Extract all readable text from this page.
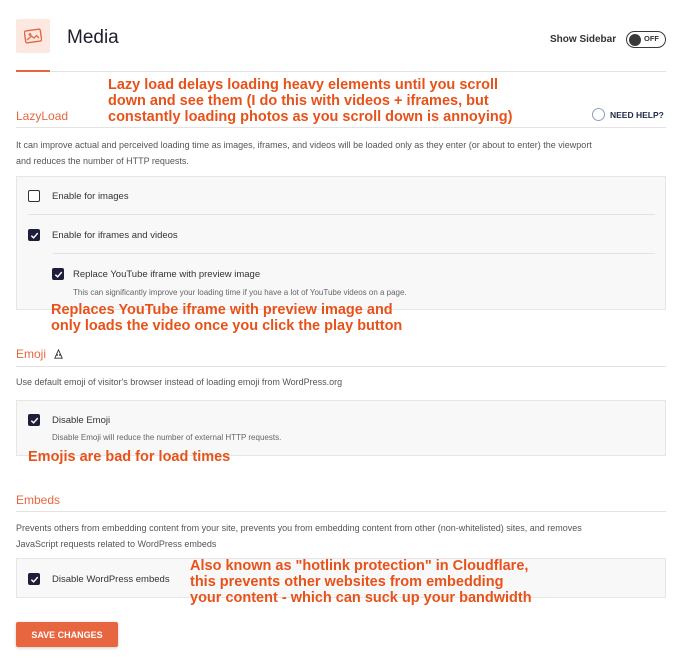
Media	Show Sidebar	OFF
Lazy load delays loading heavy elements until you scroll
down and see them (I do this with videos + iframes, but
constantly loading photos as you scroll down is annoying)
LazyLoad	NEED HELP?
It can improve actual and perceived loading time as images, iframes, and videos will be loaded only as they enter (or about to enter) the viewport
and reduces the number of HTTP requests.
Enable for images
Enable for iframes and videos
Replace YouTube iframe with preview image
This can significantly improve your loading time if you have a lot of YouTube videos on a page.
Replaces YouTube iframe with preview image and
only loads the video once you click the play button
Emoji
Use default emoji of visitor's browser instead of loading emoji from WordPress.org
Disable Emoji
Disable Emoji will reduce the number of external HTTP requests.
Emojis are bad for load times
Embeds
Prevents others from embedding content from your site, prevents you from embedding content from other (non-whitelisted) sites, and removes
JavaScript requests related to WordPress embeds
Disable WordPress embeds
Also known as "hotlink protection" in Cloudflare,
this prevents other websites from embedding
your content - which can suck up your bandwidth
SAVE CHANGES
